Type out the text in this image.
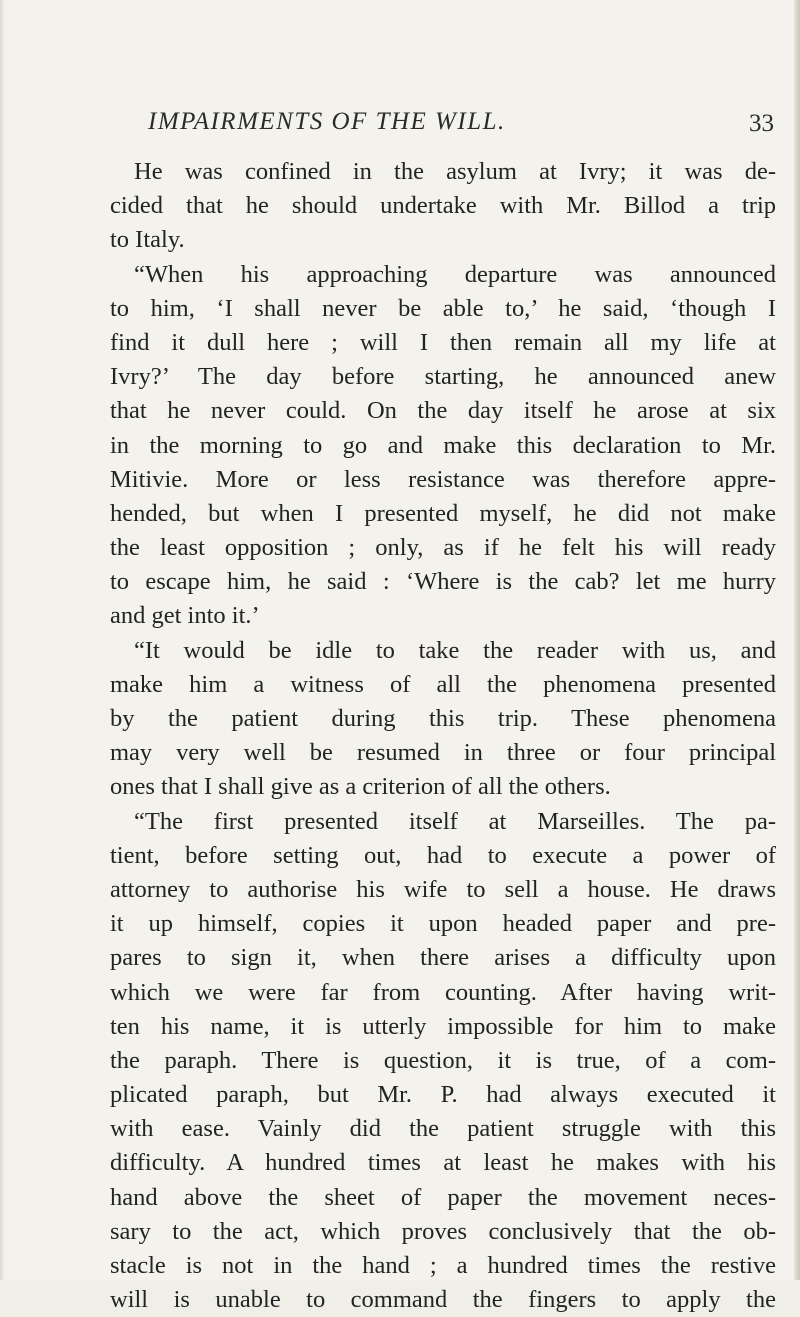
IMPAIRMENTS OF THE WILL.	33
He was confined in the asylum at Ivry; it was de-
cided that he should undertake with Mr. Billod a trip
to Italy.
“When his approaching departure was announced
to him, ‘I shall never be able to,’ he said, ‘though I
find it dull here ; will I then remain all my life at
Ivry?’ The day before starting, he announced anew
that he never could. On the day itself he arose at six
in the morning to go and make this declaration to Mr.
Mitivie. More or less resistance was therefore appre-
hended, but when I presented myself, he did not make
the least opposition ; only, as if he felt his will ready
to escape him, he said : ‘Where is the cab? let me hurry
and get into it.’
“It would be idle to take the reader with us, and
make him a witness of all the phenomena presented
by the patient during this trip. These phenomena
may very well be resumed in three or four principal
ones that I shall give as a criterion of all the others.
“The first presented itself at Marseilles. The pa-
tient, before setting out, had to execute a power of
attorney to authorise his wife to sell a house. He draws
it up himself, copies it upon headed paper and pre-
pares to sign it, when there arises a difficulty upon
which we were far from counting. After having writ-
ten his name, it is utterly impossible for him to make
the paraph. There is question, it is true, of a com-
plicated paraph, but Mr. P. had always executed it
with ease. Vainly did the patient struggle with this
difficulty. A hundred times at least he makes with his
hand above the sheet of paper the movement neces-
sary to the act, which proves conclusively that the ob-
stacle is not in the hand ; a hundred times the restive
will is unable to command the fingers to apply the
